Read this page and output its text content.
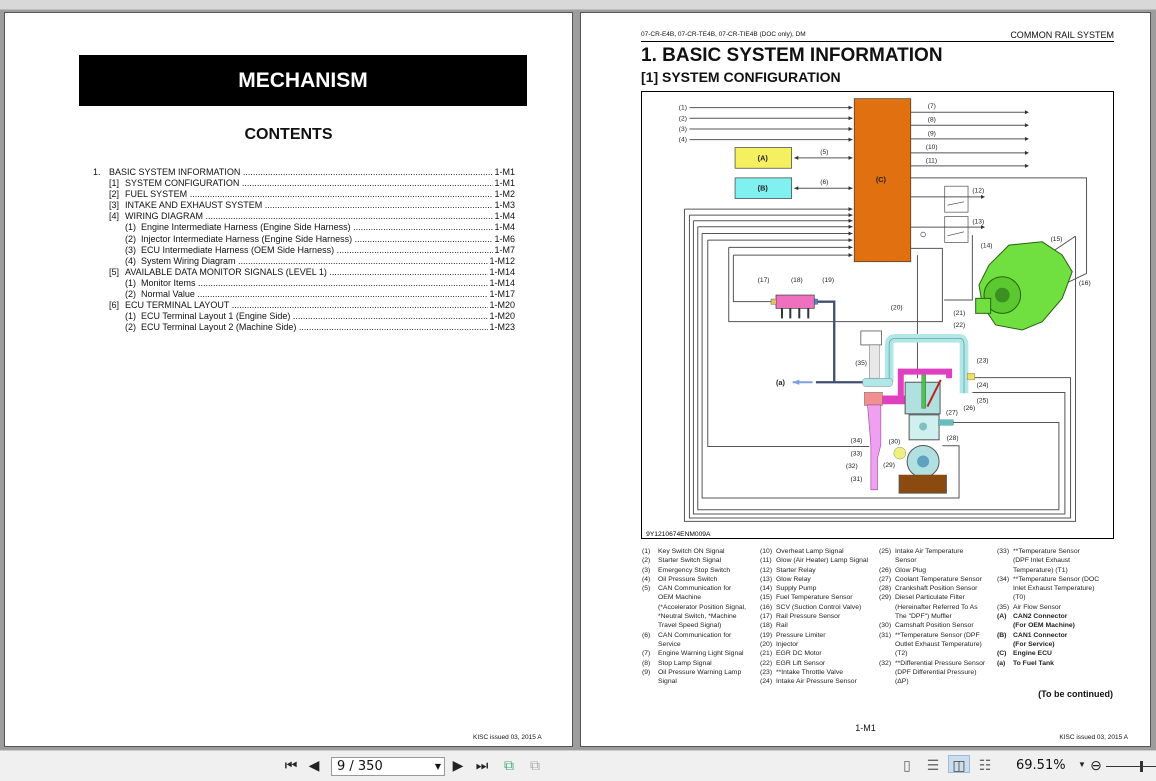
MECHANISM
CONTENTS
1. BASIC SYSTEM INFORMATION .....	1-M1
[1] SYSTEM CONFIGURATION .....	1-M1
[2] FUEL SYSTEM .....	1-M2
[3] INTAKE AND EXHAUST SYSTEM .....	1-M3
[4] WIRING DIAGRAM .....	1-M4
(1) Engine Intermediate Harness (Engine Side Harness) .....	1-M4
(2) Injector Intermediate Harness (Engine Side Harness) .....	1-M6
(3) ECU Intermediate Harness (OEM Side Harness) .....	1-M7
(4) System Wiring Diagram .....	1-M12
[5] AVAILABLE DATA MONITOR SIGNALS (LEVEL 1) .....	1-M14
(1) Monitor Items .....	1-M14
(2) Normal Value .....	1-M17
[6] ECU TERMINAL LAYOUT .....	1-M20
(1) ECU Terminal Layout 1 (Engine Side) .....	1-M20
(2) ECU Terminal Layout 2 (Machine Side) .....	1-M23
KISC issued 03, 2015 A
07-CR-E4B, 07-CR-TE4B, 07-CR-TIE4B (DOC only), DM	COMMON RAIL SYSTEM
1. BASIC SYSTEM INFORMATION
[1] SYSTEM CONFIGURATION
(1)
(2)
(3)
(4)
(5)
(6)
(7)
(8)
(9)
(10)
(11)
(12)
(13)
(14)
(15)
(16)
(17) (18) (19)
(20)
(21)
(22)
(23)
(24)
(25)
(26)
(27)
(28)
(29)
(30)
(31)
(32)
(33)
(34)
(35)
(a)
(A)
(B)
(C)
9Y1210674ENM009A
(1)	Key Switch ON Signal
(2)	Starter Switch Signal
(3)	Emergency Stop Switch
(4)	Oil Pressure Switch
(5)	CAN Communication for
OEM Machine
(*Accelerator Position Signal,
*Neutral Switch, *Machine
Travel Speed Signal)
(6)	CAN Communication for
Service
(7)	Engine Warning Light Signal
(8)	Stop Lamp Signal
(9)	Oil Pressure Warning Lamp
Signal
(10) Overheat Lamp Signal
(11) Glow (Air Heater) Lamp Signal
(12) Starter Relay
(13) Glow Relay
(14) Supply Pump
(15) Fuel Temperature Sensor
(16) SCV (Suction Control Valve)
(17) Rail Pressure Sensor
(18) Rail
(19) Pressure Limiter
(20) Injector
(21) EGR DC Motor
(22) EGR Lift Sensor
(23) **Intake Throttle Valve
(24) Intake Air Pressure Sensor
(25) Intake Air Temperature
Sensor
(26) Glow Plug
(27) Coolant Temperature Sensor
(28) Crankshaft Position Sensor
(29) Diesel Particulate Filter
(Hereinafter Referred To As
The "DPF") Muffler
(30) Camshaft Position Sensor
(31) **Temperature Sensor (DPF
Outlet Exhaust Temperature)
(T2)
(32) **Differential Pressure Sensor
(DPF Differential Pressure)
(ΔP)
(33) **Temperature Sensor
(DPF Inlet Exhaust
Temperature) (T1)
(34) **Temperature Sensor (DOC
Inlet Exhaust Temperature)
(T0)
(35) Air Flow Sensor
(A) CAN2 Connector
(For OEM Machine)
(B) CAN1 Connector
(For Service)
(C) Engine ECU
(a)	To Fuel Tank
(To be continued)
1-M1
KISC issued 03, 2015 A
⏮ ◀	9 / 350	▼ ▶ ⏭ ⧉ ⧉	▯	☰ ◫ ☷ 69.51% ▼ ⊖
